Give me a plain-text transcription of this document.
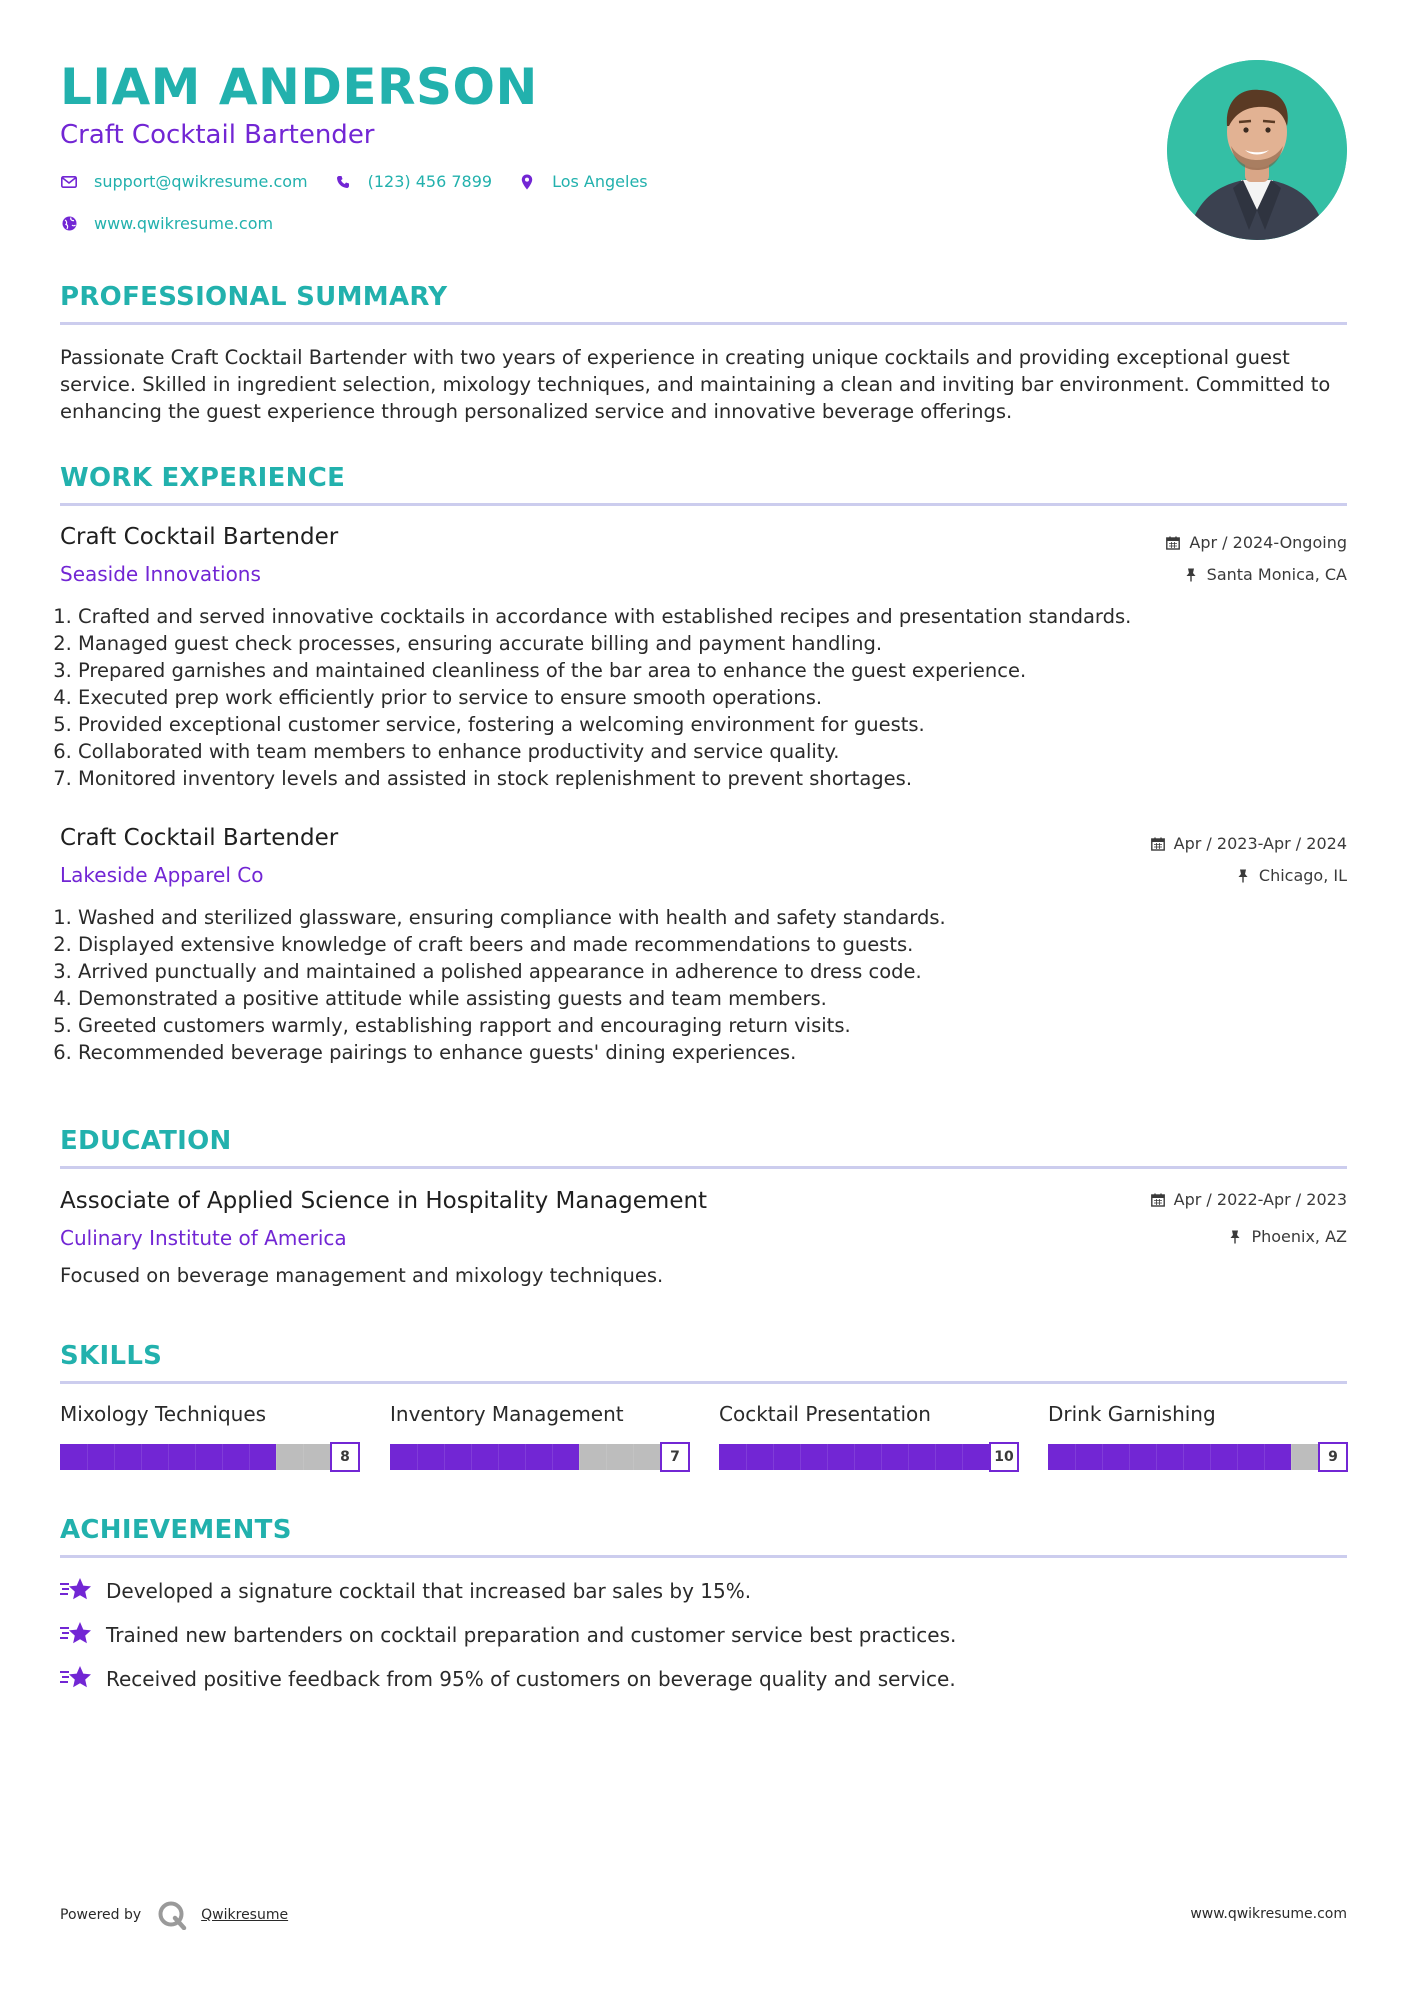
LIAM ANDERSON
Craft Cocktail Bartender
support@qwikresume.com	(123) 456 7899	Los Angeles
www.qwikresume.com
PROFESSIONAL SUMMARY
Passionate Craft Cocktail Bartender with two years of experience in creating unique cocktails and providing exceptional guest service. Skilled in ingredient selection, mixology techniques, and maintaining a clean and inviting bar environment. Committed to enhancing the guest experience through personalized service and innovative beverage offerings.
WORK EXPERIENCE
Craft Cocktail Bartender
Seaside Innovations
Apr / 2024-Ongoing
Santa Monica, CA
1. Crafted and served innovative cocktails in accordance with established recipes and presentation standards.
2. Managed guest check processes, ensuring accurate billing and payment handling.
3. Prepared garnishes and maintained cleanliness of the bar area to enhance the guest experience.
4. Executed prep work efficiently prior to service to ensure smooth operations.
5. Provided exceptional customer service, fostering a welcoming environment for guests.
6. Collaborated with team members to enhance productivity and service quality.
7. Monitored inventory levels and assisted in stock replenishment to prevent shortages.
Craft Cocktail Bartender
Lakeside Apparel Co
Apr / 2023-Apr / 2024
Chicago, IL
1. Washed and sterilized glassware, ensuring compliance with health and safety standards.
2. Displayed extensive knowledge of craft beers and made recommendations to guests.
3. Arrived punctually and maintained a polished appearance in adherence to dress code.
4. Demonstrated a positive attitude while assisting guests and team members.
5. Greeted customers warmly, establishing rapport and encouraging return visits.
6. Recommended beverage pairings to enhance guests' dining experiences.
EDUCATION
Associate of Applied Science in Hospitality Management
Culinary Institute of America
Apr / 2022-Apr / 2023
Phoenix, AZ
Focused on beverage management and mixology techniques.
SKILLS
Mixology Techniques
8
Inventory Management
7
Cocktail Presentation
10
Drink Garnishing
9
ACHIEVEMENTS
Developed a signature cocktail that increased bar sales by 15%.
Trained new bartenders on cocktail preparation and customer service best practices.
Received positive feedback from 95% of customers on beverage quality and service.
Powered by	Qwikresume	www.qwikresume.com
